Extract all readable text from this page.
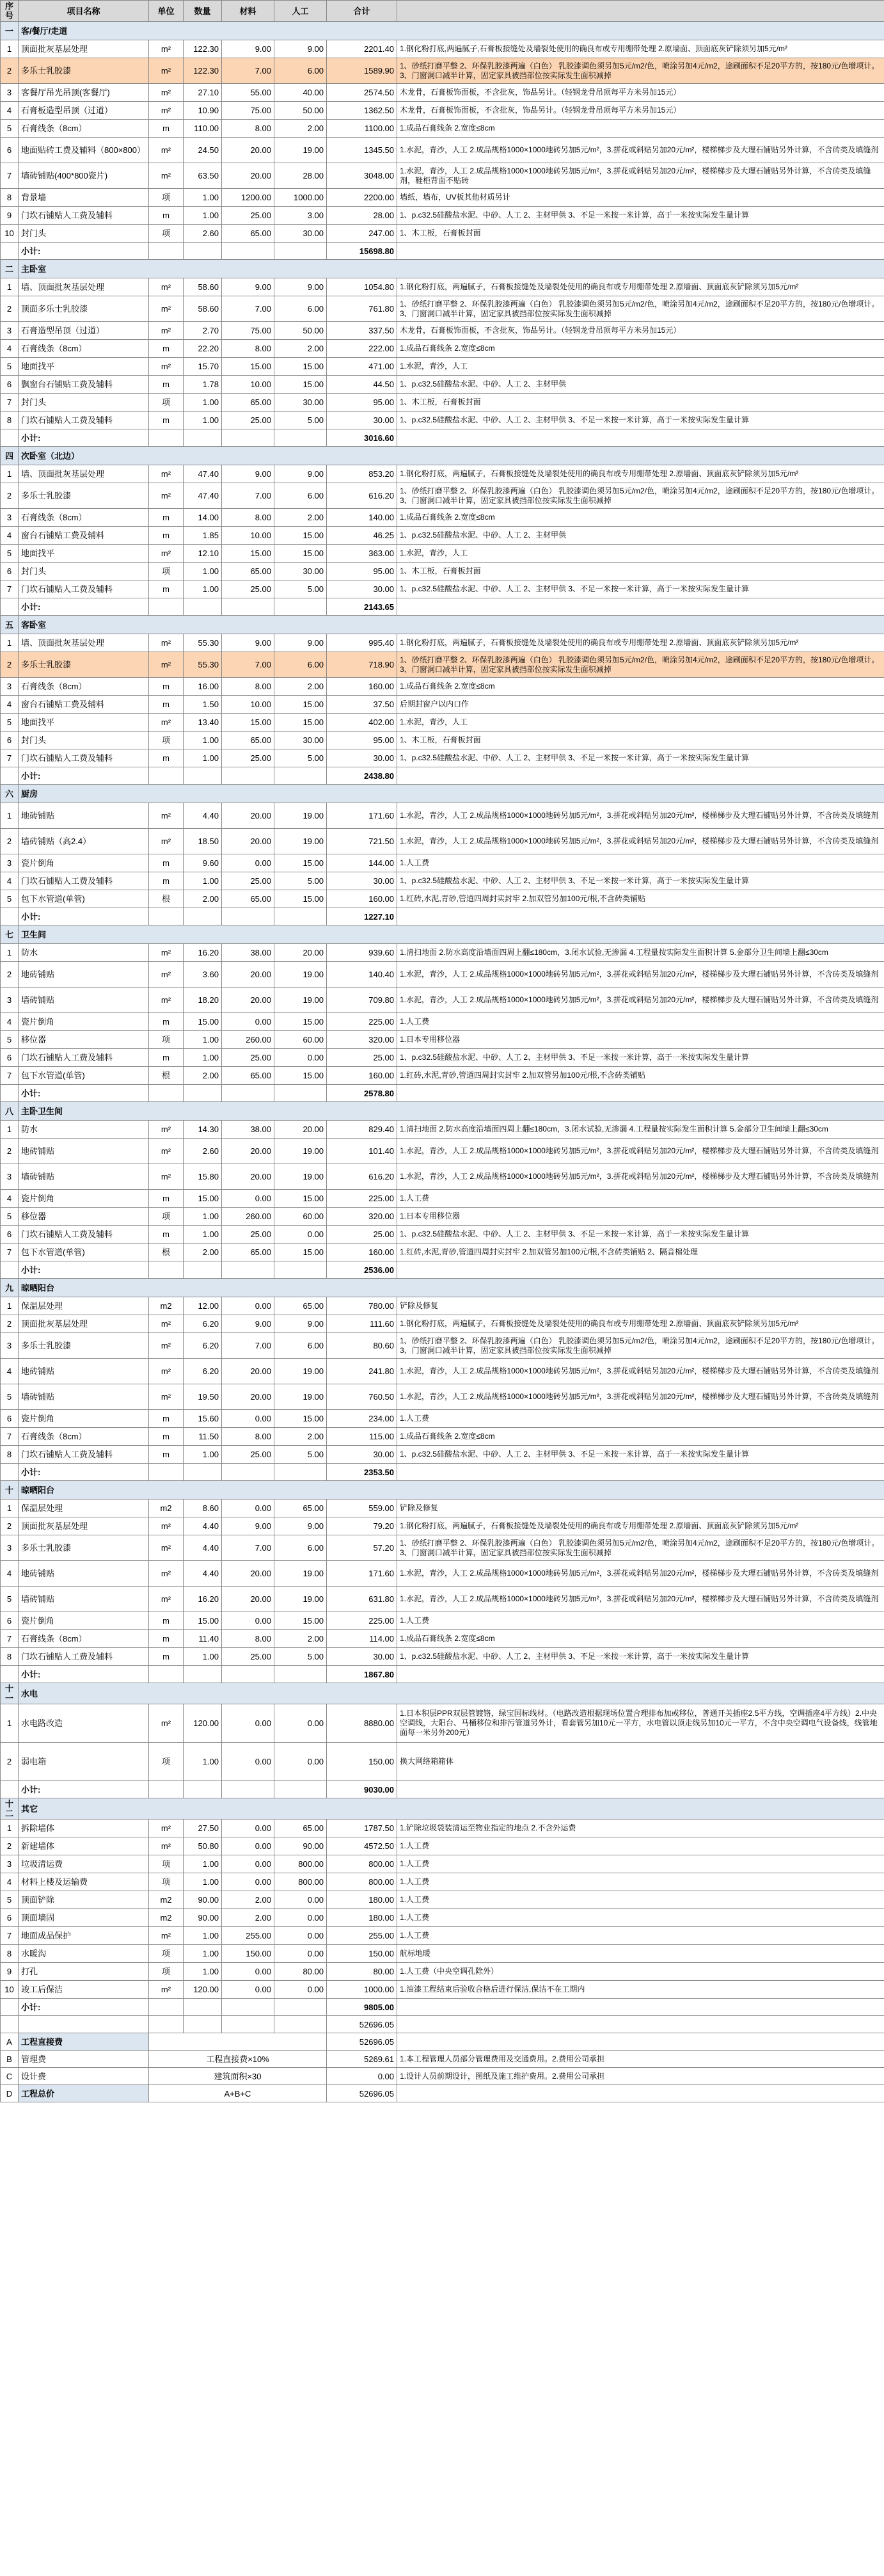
序号	项目名称	单位	数量	材料	人工	合计	
一	客/餐厅/走道						
1	顶面批灰基层处理	m²	122.30	9.00	9.00	2201.40	1.钢化粉打底,两遍腻子,石膏板接缝处及墙裂处使用的确良布或专用绷带处理 2.原墙面、顶面底灰铲除须另加5元/m²
2	多乐士乳胶漆	m²	122.30	7.00	6.00	1589.90	1、砂纸打磨平整 2、环保乳胶漆两遍（白色） 乳胶漆调色须另加5元/m2/色，喷涂另加4元/m2，途刷面积不足20平方的，按180元/色增项计。3、门窗洞口减半计算，固定家具被挡部位按实际发生面积减掉
3	客餐厅吊光吊顶(客餐厅)	m²	27.10	55.00	40.00	2574.50	木龙骨，石膏板饰面板，不含批灰，饰品另计。（轻钢龙骨吊顶每平方米另加15元）
4	石膏板造型吊顶（过道）	m²	10.90	75.00	50.00	1362.50	木龙骨，石膏板饰面板，不含批灰，饰品另计。（轻钢龙骨吊顶每平方米另加15元）
5	石膏线条（8cm）	m	110.00	8.00	2.00	1100.00	1.成品石膏线条 2.宽度≤8cm
6	地面贴砖工费及辅料（800×800）	m²	24.50	20.00	19.00	1345.50	1.水泥，青沙，人工 2.成品规格1000×1000地砖另加5元/m²，3.拼花或斜贴另加20元/m²，楼梯梯步及大理石铺贴另外计算，不含砖类及填缝剂
7	墙砖铺贴(400*800瓷片)	m²	63.50	20.00	28.00	3048.00	1.水泥，青沙，人工 2.成品规格1000×1000地砖另加5元/m²，3.拼花或斜贴另加20元/m²，楼梯梯步及大理石铺贴另外计算，不含砖类及填缝剂，鞋柜背面不贴砖
8	背景墙	项	1.00	1200.00	1000.00	2200.00	墙纸，墙布，UV板其他材质另计
9	门坎石铺贴人工费及辅料	m	1.00	25.00	3.00	28.00	1、p.c32.5硅酸盐水泥、中砂、人工 2、主材甲供 3、不足一米按一米计算，高于一米按实际发生量计算
10	封门头	项	2.60	65.00	30.00	247.00	1、木工板，石膏板封面
	小计:					15698.80	
二	主卧室						
1	墙、顶面批灰基层处理	m²	58.60	9.00	9.00	1054.80	1.钢化粉打底，两遍腻子，石膏板接缝处及墙裂处使用的确良布或专用绷带处理 2.原墙面、顶面底灰铲除须另加5元/m²
2	顶面多乐士乳胶漆	m²	58.60	7.00	6.00	761.80	1、砂纸打磨平整 2、环保乳胶漆两遍（白色） 乳胶漆调色须另加5元/m2/色，喷涂另加4元/m2，途刷面积不足20平方的，按180元/色增项计。3、门窗洞口减半计算，固定家具被挡部位按实际发生面积减掉
3	石膏造型吊顶（过道）	m²	2.70	75.00	50.00	337.50	木龙骨，石膏板饰面板，不含批灰，饰品另计。（轻钢龙骨吊顶每平方米另加15元）
4	石膏线条（8cm）	m	22.20	8.00	2.00	222.00	1.成品石膏线条 2.宽度≤8cm
5	地面找平	m²	15.70	15.00	15.00	471.00	1.水泥，青沙，人工
6	飘窗台石铺贴工费及辅料	m	1.78	10.00	15.00	44.50	1、p.c32.5硅酸盐水泥、中砂、人工 2、主材甲供
7	封门头	项	1.00	65.00	30.00	95.00	1、木工板，石膏板封面
8	门坎石铺贴人工费及辅料	m	1.00	25.00	5.00	30.00	1、p.c32.5硅酸盐水泥、中砂、人工 2、主材甲供 3、不足一米按一米计算，高于一米按实际发生量计算
	小计:					3016.60	
四	次卧室（北边）						
1	墙、顶面批灰基层处理	m²	47.40	9.00	9.00	853.20	1.钢化粉打底，两遍腻子，石膏板接缝处及墙裂处使用的确良布或专用绷带处理 2.原墙面、顶面底灰铲除须另加5元/m²
2	多乐士乳胶漆	m²	47.40	7.00	6.00	616.20	1、砂纸打磨平整 2、环保乳胶漆两遍（白色） 乳胶漆调色须另加5元/m2/色，喷涂另加4元/m2，途刷面积不足20平方的，按180元/色增项计。3、门窗洞口减半计算，固定家具被挡部位按实际发生面积减掉
3	石膏线条（8cm）	m	14.00	8.00	2.00	140.00	1.成品石膏线条 2.宽度≤8cm
4	窗台石铺贴工费及辅料	m	1.85	10.00	15.00	46.25	1、p.c32.5硅酸盐水泥、中砂、人工 2、主材甲供
5	地面找平	m²	12.10	15.00	15.00	363.00	1.水泥，青沙，人工
6	封门头	项	1.00	65.00	30.00	95.00	1、木工板，石膏板封面
7	门坎石铺贴人工费及辅料	m	1.00	25.00	5.00	30.00	1、p.c32.5硅酸盐水泥、中砂、人工 2、主材甲供 3、不足一米按一米计算，高于一米按实际发生量计算
	小计:					2143.65	
五	客卧室						
1	墙、顶面批灰基层处理	m²	55.30	9.00	9.00	995.40	1.钢化粉打底，两遍腻子，石膏板接缝处及墙裂处使用的确良布或专用绷带处理 2.原墙面、顶面底灰铲除须另加5元/m²
2	多乐士乳胶漆	m²	55.30	7.00	6.00	718.90	1、砂纸打磨平整 2、环保乳胶漆两遍（白色） 乳胶漆调色须另加5元/m2/色，喷涂另加4元/m2，途刷面积不足20平方的，按180元/色增项计。3、门窗洞口减半计算，固定家具被挡部位按实际发生面积减掉
3	石膏线条（8cm）	m	16.00	8.00	2.00	160.00	1.成品石膏线条 2.宽度≤8cm
4	窗台石铺贴工费及辅料	m	1.50	10.00	15.00	37.50	后期封窗户以内口作
5	地面找平	m²	13.40	15.00	15.00	402.00	1.水泥，青沙，人工
6	封门头	项	1.00	65.00	30.00	95.00	1、木工板，石膏板封面
7	门坎石铺贴人工费及辅料	m	1.00	25.00	5.00	30.00	1、p.c32.5硅酸盐水泥、中砂、人工 2、主材甲供 3、不足一米按一米计算，高于一米按实际发生量计算
	小计:					2438.80	
六	厨房						
1	地砖铺贴	m²	4.40	20.00	19.00	171.60	1.水泥，青沙，人工 2.成品规格1000×1000地砖另加5元/m²，3.拼花或斜贴另加20元/m²，楼梯梯步及大理石铺贴另外计算，不含砖类及填缝剂
2	墙砖铺贴（高2.4）	m²	18.50	20.00	19.00	721.50	1.水泥，青沙，人工 2.成品规格1000×1000地砖另加5元/m²，3.拼花或斜贴另加20元/m²，楼梯梯步及大理石铺贴另外计算，不含砖类及填缝剂
3	瓷片倒角	m	9.60	0.00	15.00	144.00	1.人工费
4	门坎石铺贴人工费及辅料	m	1.00	25.00	5.00	30.00	1、p.c32.5硅酸盐水泥、中砂、人工 2、主材甲供 3、不足一米按一米计算，高于一米按实际发生量计算
5	包下水管道(单管)	根	2.00	65.00	15.00	160.00	1.红砖,水泥,青砂,管道四周封实封牢 2.加双管另加100元/根,不含砖类铺贴
	小计:					1227.10	
七	卫生间						
1	防水	m²	16.20	38.00	20.00	939.60	1.清扫地面 2.防水高度沿墙面四周上翻≤180cm，3.闭水试验,无渗漏 4.工程量按实际发生面积计算 5.金部分卫生间墙上翻≤30cm
2	地砖铺贴	m²	3.60	20.00	19.00	140.40	1.水泥，青沙，人工 2.成品规格1000×1000地砖另加5元/m²，3.拼花或斜贴另加20元/m²，楼梯梯步及大理石铺贴另外计算，不含砖类及填缝剂
3	墙砖铺贴	m²	18.20	20.00	19.00	709.80	1.水泥，青沙，人工 2.成品规格1000×1000地砖另加5元/m²，3.拼花或斜贴另加20元/m²，楼梯梯步及大理石铺贴另外计算，不含砖类及填缝剂
4	瓷片倒角	m	15.00	0.00	15.00	225.00	1.人工费
5	移位器	项	1.00	260.00	60.00	320.00	1.日本专用移位器
6	门坎石铺贴人工费及辅料	m	1.00	25.00	0.00	25.00	1、p.c32.5硅酸盐水泥、中砂、人工 2、主材甲供 3、不足一米按一米计算，高于一米按实际发生量计算
7	包下水管道(单管)	根	2.00	65.00	15.00	160.00	1.红砖,水泥,青砂,管道四周封实封牢 2.加双管另加100元/根,不含砖类铺贴
	小计:					2578.80	
八	主卧卫生间						
1	防水	m²	14.30	38.00	20.00	829.40	1.清扫地面 2.防水高度沿墙面四周上翻≤180cm，3.闭水试验,无渗漏 4.工程量按实际发生面积计算 5.金部分卫生间墙上翻≤30cm
2	地砖铺贴	m²	2.60	20.00	19.00	101.40	1.水泥，青沙，人工 2.成品规格1000×1000地砖另加5元/m²，3.拼花或斜贴另加20元/m²，楼梯梯步及大理石铺贴另外计算，不含砖类及填缝剂
3	墙砖铺贴	m²	15.80	20.00	19.00	616.20	1.水泥，青沙，人工 2.成品规格1000×1000地砖另加5元/m²，3.拼花或斜贴另加20元/m²，楼梯梯步及大理石铺贴另外计算，不含砖类及填缝剂
4	瓷片倒角	m	15.00	0.00	15.00	225.00	1.人工费
5	移位器	项	1.00	260.00	60.00	320.00	1.日本专用移位器
6	门坎石铺贴人工费及辅料	m	1.00	25.00	0.00	25.00	1、p.c32.5硅酸盐水泥、中砂、人工 2、主材甲供 3、不足一米按一米计算，高于一米按实际发生量计算
7	包下水管道(单管)	根	2.00	65.00	15.00	160.00	1.红砖,水泥,青砂,管道四周封实封牢 2.加双管另加100元/根,不含砖类铺贴 2、隔音棉处理
	小计:					2536.00	
九	晾晒阳台						
1	保温层处理	m2	12.00	0.00	65.00	780.00	铲除及修复
2	顶面批灰基层处理	m²	6.20	9.00	9.00	111.60	1.钢化粉打底，两遍腻子，石膏板接缝处及墙裂处使用的确良布或专用绷带处理 2.原墙面、顶面底灰铲除须另加5元/m²
3	多乐士乳胶漆	m²	6.20	7.00	6.00	80.60	1、砂纸打磨平整 2、环保乳胶漆两遍（白色） 乳胶漆调色须另加5元/m2/色，喷涂另加4元/m2，途刷面积不足20平方的，按180元/色增项计。3、门窗洞口减半计算，固定家具被挡部位按实际发生面积减掉
4	地砖铺贴	m²	6.20	20.00	19.00	241.80	1.水泥，青沙，人工 2.成品规格1000×1000地砖另加5元/m²，3.拼花或斜贴另加20元/m²，楼梯梯步及大理石铺贴另外计算，不含砖类及填缝剂
5	墙砖铺贴	m²	19.50	20.00	19.00	760.50	1.水泥，青沙，人工 2.成品规格1000×1000地砖另加5元/m²，3.拼花或斜贴另加20元/m²，楼梯梯步及大理石铺贴另外计算，不含砖类及填缝剂
6	瓷片倒角	m	15.60	0.00	15.00	234.00	1.人工费
7	石膏线条（8cm）	m	11.50	8.00	2.00	115.00	1.成品石膏线条 2.宽度≤8cm
8	门坎石铺贴人工费及辅料	m	1.00	25.00	5.00	30.00	1、p.c32.5硅酸盐水泥、中砂、人工 2、主材甲供 3、不足一米按一米计算，高于一米按实际发生量计算
	小计:					2353.50	
十	晾晒阳台						
1	保温层处理	m2	8.60	0.00	65.00	559.00	铲除及修复
2	顶面批灰基层处理	m²	4.40	9.00	9.00	79.20	1.钢化粉打底，两遍腻子，石膏板接缝处及墙裂处使用的确良布或专用绷带处理 2.原墙面、顶面底灰铲除须另加5元/m²
3	多乐士乳胶漆	m²	4.40	7.00	6.00	57.20	1、砂纸打磨平整 2、环保乳胶漆两遍（白色） 乳胶漆调色须另加5元/m2/色，喷涂另加4元/m2，途刷面积不足20平方的，按180元/色增项计。3、门窗洞口减半计算，固定家具被挡部位按实际发生面积减掉
4	地砖铺贴	m²	4.40	20.00	19.00	171.60	1.水泥，青沙，人工 2.成品规格1000×1000地砖另加5元/m²，3.拼花或斜贴另加20元/m²，楼梯梯步及大理石铺贴另外计算，不含砖类及填缝剂
5	墙砖铺贴	m²	16.20	20.00	19.00	631.80	1.水泥，青沙，人工 2.成品规格1000×1000地砖另加5元/m²，3.拼花或斜贴另加20元/m²，楼梯梯步及大理石铺贴另外计算，不含砖类及填缝剂
6	瓷片倒角	m	15.00	0.00	15.00	225.00	1.人工费
7	石膏线条（8cm）	m	11.40	8.00	2.00	114.00	1.成品石膏线条 2.宽度≤8cm
8	门坎石铺贴人工费及辅料	m	1.00	25.00	5.00	30.00	1、p.c32.5硅酸盐水泥、中砂、人工 2、主材甲供 3、不足一米按一米计算，高于一米按实际发生量计算
	小计:					1867.80	
十一	水电						
1	水电路改造	m²	120.00	0.00	0.00	8880.00	1.日本积层PPR双层管镀铬，绿宝国标线材。（电路改造根据现场位置合理排布加或移位，普通开关插座2.5平方线，空调插座4平方线）2.中央空调线，大阳台、马桶移位和排污管道另外计，看套管另加10元一平方，水电管以顶走线另加10元一平方，不含中央空调电气设备线，线管地面每一米另外200元）
2	弱电箱	项	1.00	0.00	0.00	150.00	换大网络箱箱体
	小计:					9030.00	
十二	其它						
1	拆除墙体	m²	27.50	0.00	65.00	1787.50	1.铲除垃圾袋装清运至物业指定的地点 2.不含外运费
2	新建墙体	m²	50.80	0.00	90.00	4572.50	1.人工费
3	垃圾清运费	项	1.00	0.00	800.00	800.00	1.人工费
4	材料上楼及运输费	项	1.00	0.00	800.00	800.00	1.人工费
5	顶面铲除	m2	90.00	2.00	0.00	180.00	1.人工费
6	顶面墙固	m2	90.00	2.00	0.00	180.00	1.人工费
7	地面成品保护	m²	1.00	255.00	0.00	255.00	1.人工费
8	水暖沟	项	1.00	150.00	0.00	150.00	航标地暖
9	打孔	项	1.00	0.00	80.00	80.00	1.人工费（中央空调孔除外）
10	竣工后保洁	m²	120.00	0.00	0.00	1000.00	1.油漆工程结束后验收合格后进行保洁,保洁不在工期内
	小计:					9805.00	
						52696.05	
A	工程直接费					52696.05	
B	管理费	工程直接费×10%				5269.61	1.本工程管理人员部分管理费用及交通费用。2.费用公司承担
C	设计费	建筑面积×30				0.00	1.设计人员前期设计，图纸及施工维护费用。2.费用公司承担
D	工程总价	A+B+C				52696.05	
